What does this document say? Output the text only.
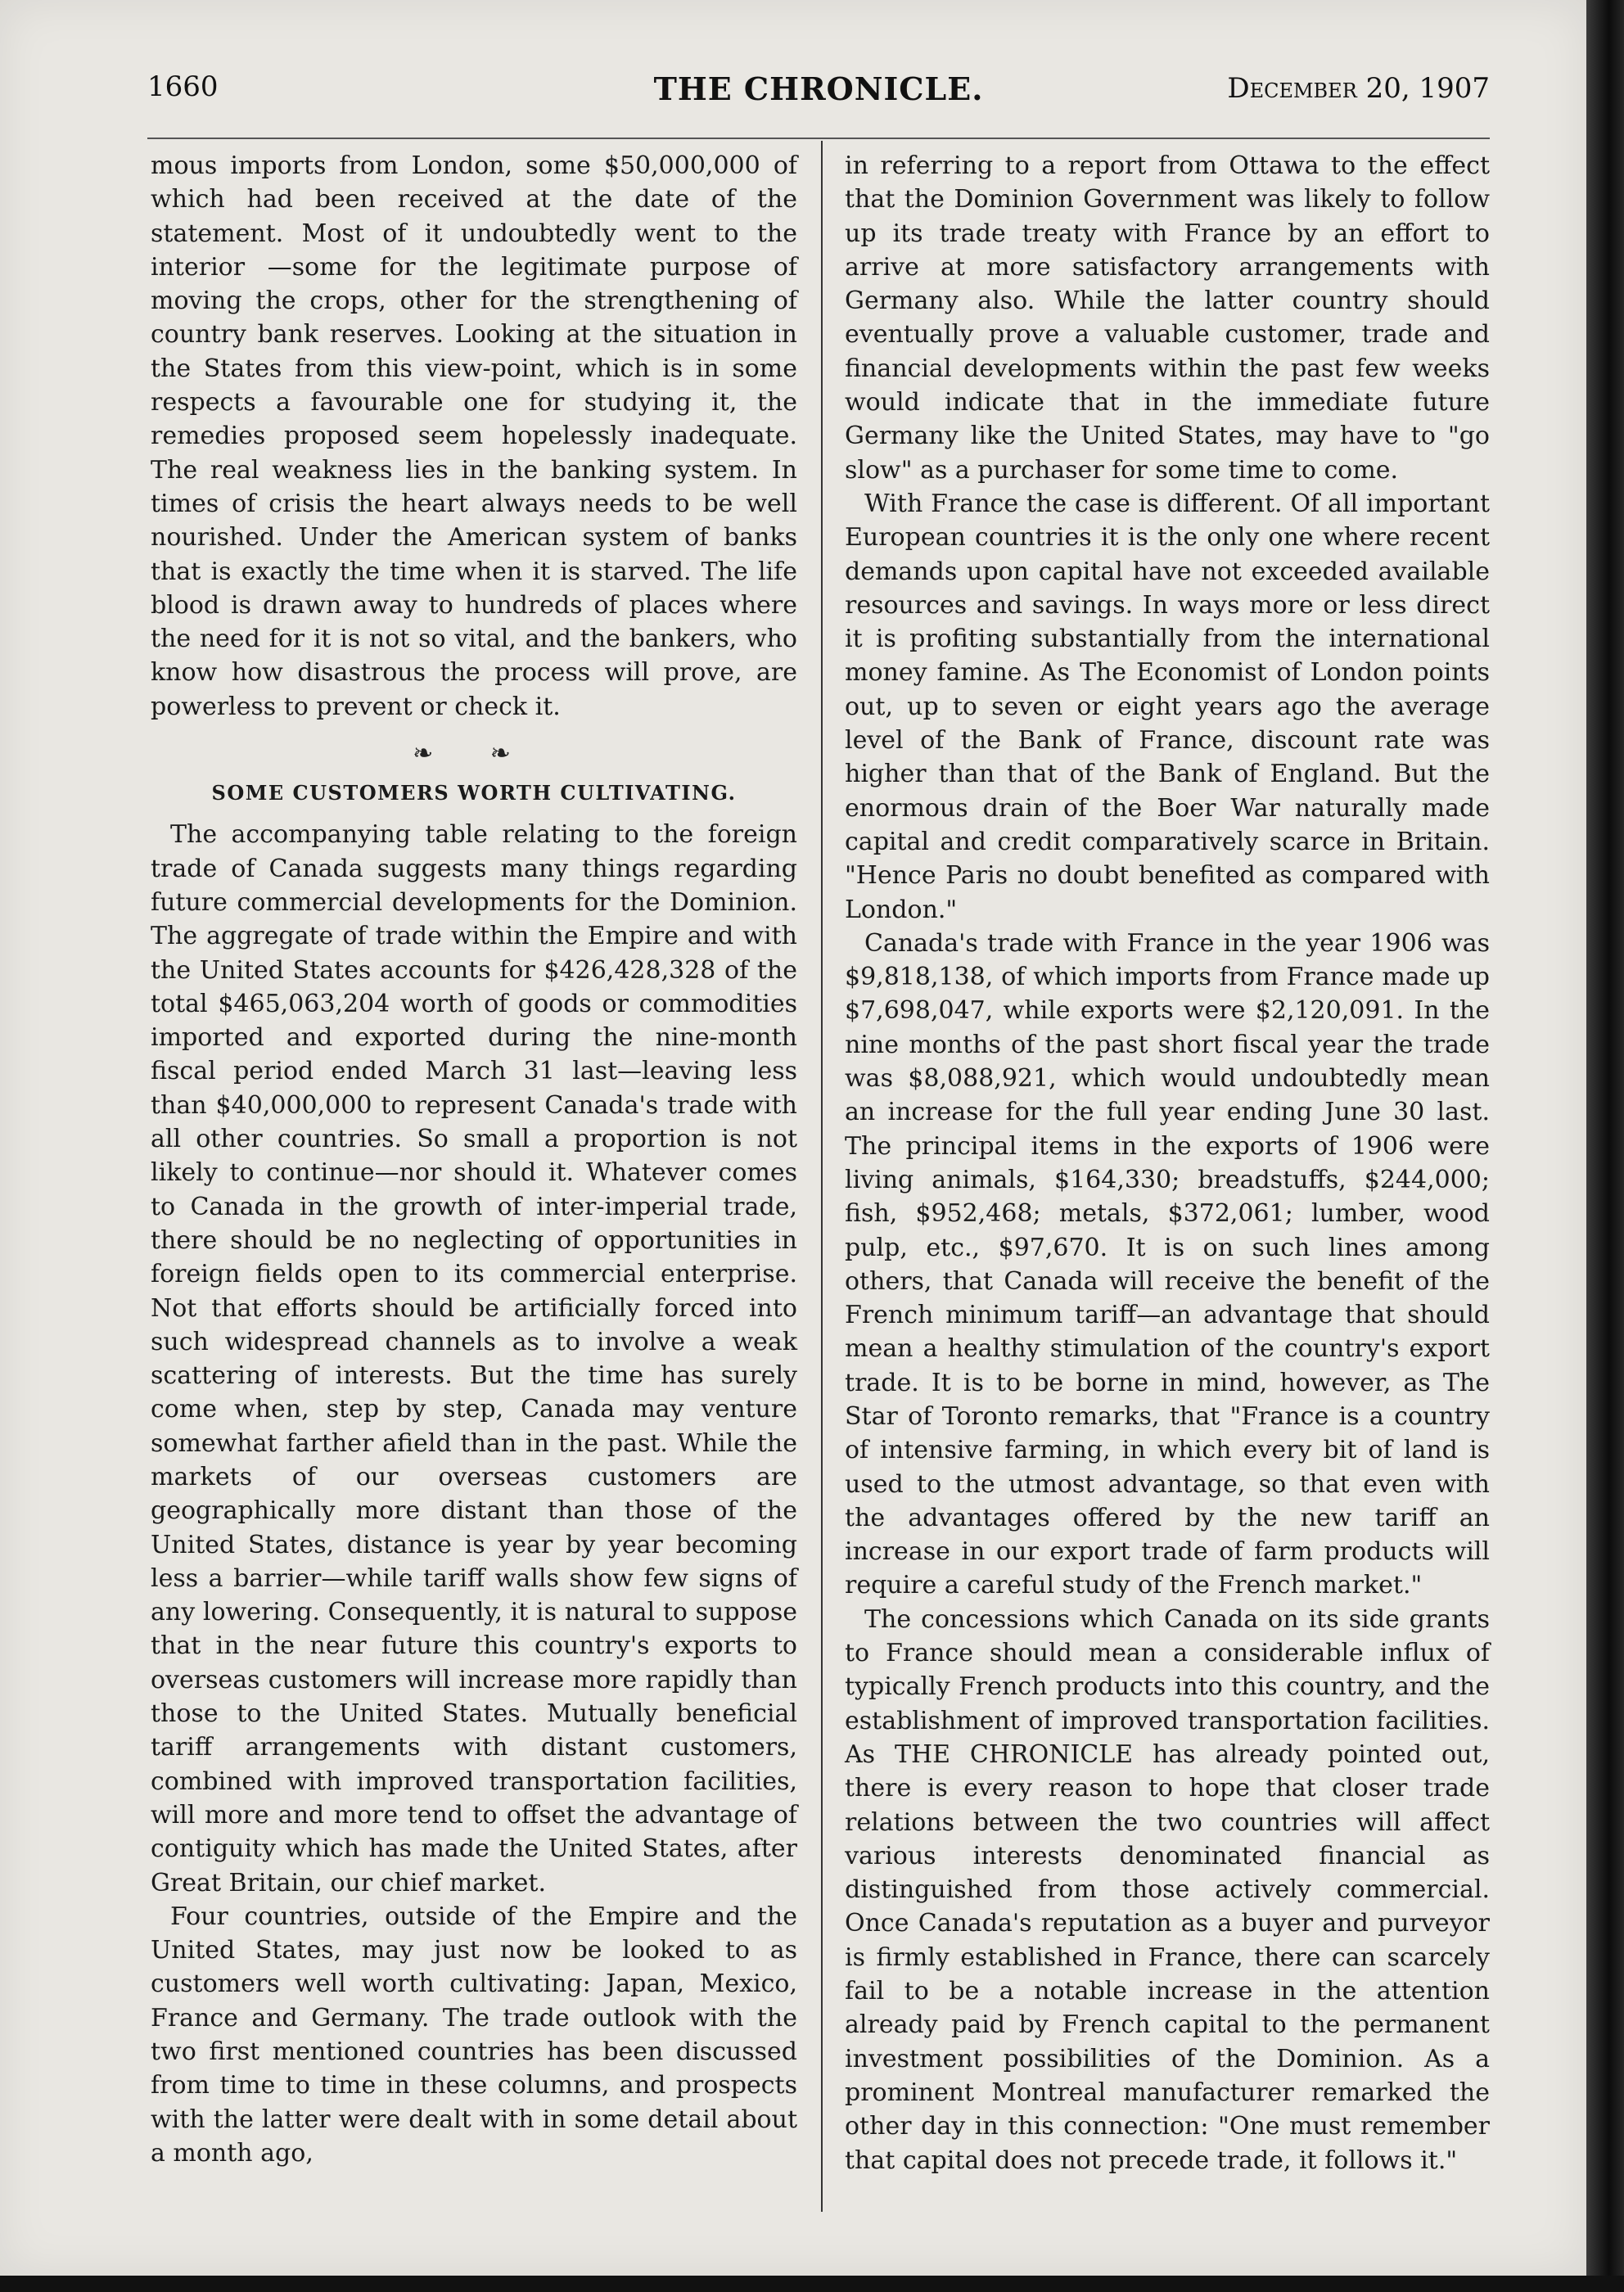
1660	THE CHRONICLE.	December 20, 1907

mous imports from London, some $50,000,000 of which had been received at the date of the statement. Most of it undoubtedly went to the interior —some for the legitimate purpose of moving the crops, other for the strengthening of country bank reserves. Looking at the situation in the States from this view-point, which is in some respects a favourable one for studying it, the remedies proposed seem hopelessly inadequate. The real weakness lies in the banking system. In times of crisis the heart always needs to be well nourished. Under the American system of banks that is exactly the time when it is starved. The life blood is drawn away to hundreds of places where the need for it is not so vital, and the bankers, who know how disastrous the process will prove, are powerless to prevent or check it.

❧ ❧
SOME CUSTOMERS WORTH CULTIVATING.

The accompanying table relating to the foreign trade of Canada suggests many things regarding future commercial developments for the Dominion. The aggregate of trade within the Empire and with the United States accounts for $426,428,328 of the total $465,063,204 worth of goods or commodities imported and exported during the nine-month fiscal period ended March 31 last—leaving less than $40,000,000 to represent Canada's trade with all other countries. So small a proportion is not likely to continue—nor should it. Whatever comes to Canada in the growth of inter-imperial trade, there should be no neglecting of opportunities in foreign fields open to its commercial enterprise. Not that efforts should be artificially forced into such widespread channels as to involve a weak scattering of interests. But the time has surely come when, step by step, Canada may venture somewhat farther afield than in the past. While the markets of our overseas customers are geographically more distant than those of the United States, distance is year by year becoming less a barrier—while tariff walls show few signs of any lowering. Consequently, it is natural to suppose that in the near future this country's exports to overseas customers will increase more rapidly than those to the United States. Mutually beneficial tariff arrangements with distant customers, combined with improved transportation facilities, will more and more tend to offset the advantage of contiguity which has made the United States, after Great Britain, our chief market.

Four countries, outside of the Empire and the United States, may just now be looked to as customers well worth cultivating: Japan, Mexico, France and Germany. The trade outlook with the two first mentioned countries has been discussed from time to time in these columns, and prospects with the latter were dealt with in some detail about a month ago,

in referring to a report from Ottawa to the effect that the Dominion Government was likely to follow up its trade treaty with France by an effort to arrive at more satisfactory arrangements with Germany also. While the latter country should eventually prove a valuable customer, trade and financial developments within the past few weeks would indicate that in the immediate future Germany like the United States, may have to "go slow" as a purchaser for some time to come.

With France the case is different. Of all important European countries it is the only one where recent demands upon capital have not exceeded available resources and savings. In ways more or less direct it is profiting substantially from the international money famine. As The Economist of London points out, up to seven or eight years ago the average level of the Bank of France, discount rate was higher than that of the Bank of England. But the enormous drain of the Boer War naturally made capital and credit comparatively scarce in Britain. "Hence Paris no doubt benefited as compared with London."

Canada's trade with France in the year 1906 was $9,818,138, of which imports from France made up $7,698,047, while exports were $2,120,091. In the nine months of the past short fiscal year the trade was $8,088,921, which would undoubtedly mean an increase for the full year ending June 30 last. The principal items in the exports of 1906 were living animals, $164,330; breadstuffs, $244,000; fish, $952,468; metals, $372,061; lumber, wood pulp, etc., $97,670. It is on such lines among others, that Canada will receive the benefit of the French minimum tariff—an advantage that should mean a healthy stimulation of the country's export trade. It is to be borne in mind, however, as The Star of Toronto remarks, that "France is a country of intensive farming, in which every bit of land is used to the utmost advantage, so that even with the advantages offered by the new tariff an increase in our export trade of farm products will require a careful study of the French market."

The concessions which Canada on its side grants to France should mean a considerable influx of typically French products into this country, and the establishment of improved transportation facilities. As THE CHRONICLE has already pointed out, there is every reason to hope that closer trade relations between the two countries will affect various interests denominated financial as distinguished from those actively commercial. Once Canada's reputation as a buyer and purveyor is firmly established in France, there can scarcely fail to be a notable increase in the attention already paid by French capital to the permanent investment possibilities of the Dominion. As a prominent Montreal manufacturer remarked the other day in this connection: "One must remember that capital does not precede trade, it follows it."
